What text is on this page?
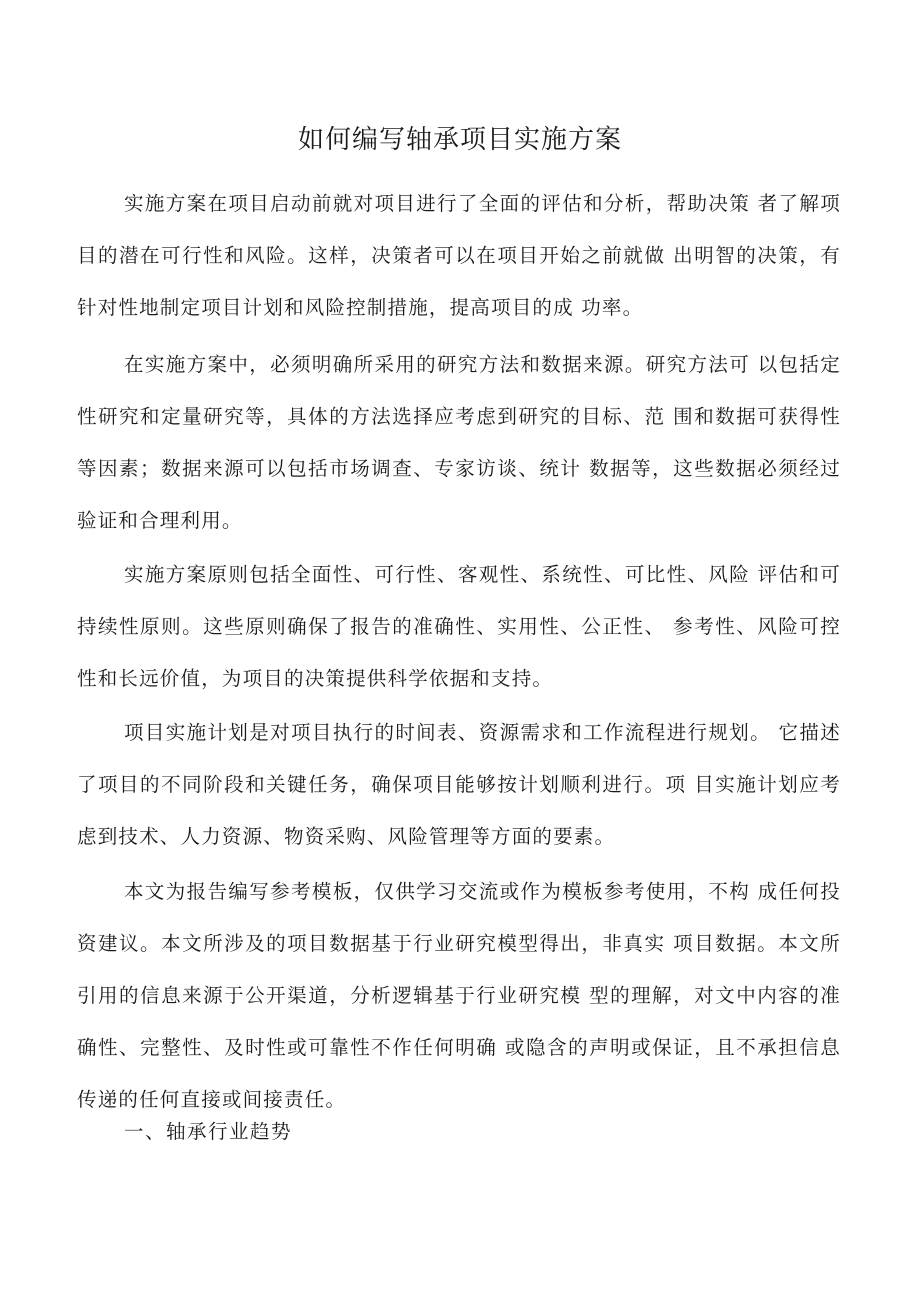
如何编写轴承项目实施方案

实施方案在项目启动前就对项目进行了全面的评估和分析，帮助决策 者了解项目的潜在可行性和风险。这样，决策者可以在项目开始之前就做 出明智的决策，有针对性地制定项目计划和风险控制措施，提高项目的成 功率。

在实施方案中，必须明确所采用的研究方法和数据来源。研究方法可 以包括定性研究和定量研究等，具体的方法选择应考虑到研究的目标、范 围和数据可获得性等因素；数据来源可以包括市场调查、专家访谈、统计 数据等，这些数据必须经过验证和合理利用。

实施方案原则包括全面性、可行性、客观性、系统性、可比性、风险 评估和可持续性原则。这些原则确保了报告的准确性、实用性、公正性、 参考性、风险可控性和长远价值，为项目的决策提供科学依据和支持。

项目实施计划是对项目执行的时间表、资源需求和工作流程进行规划。 它描述了项目的不同阶段和关键任务，确保项目能够按计划顺利进行。项 目实施计划应考虑到技术、人力资源、物资采购、风险管理等方面的要素。

本文为报告编写参考模板，仅供学习交流或作为模板参考使用，不构 成任何投资建议。本文所涉及的项目数据基于行业研究模型得出，非真实 项目数据。本文所引用的信息来源于公开渠道，分析逻辑基于行业研究模 型的理解，对文中内容的准确性、完整性、及时性或可靠性不作任何明确 或隐含的声明或保证，且不承担信息传递的任何直接或间接责任。

一、轴承行业趋势
